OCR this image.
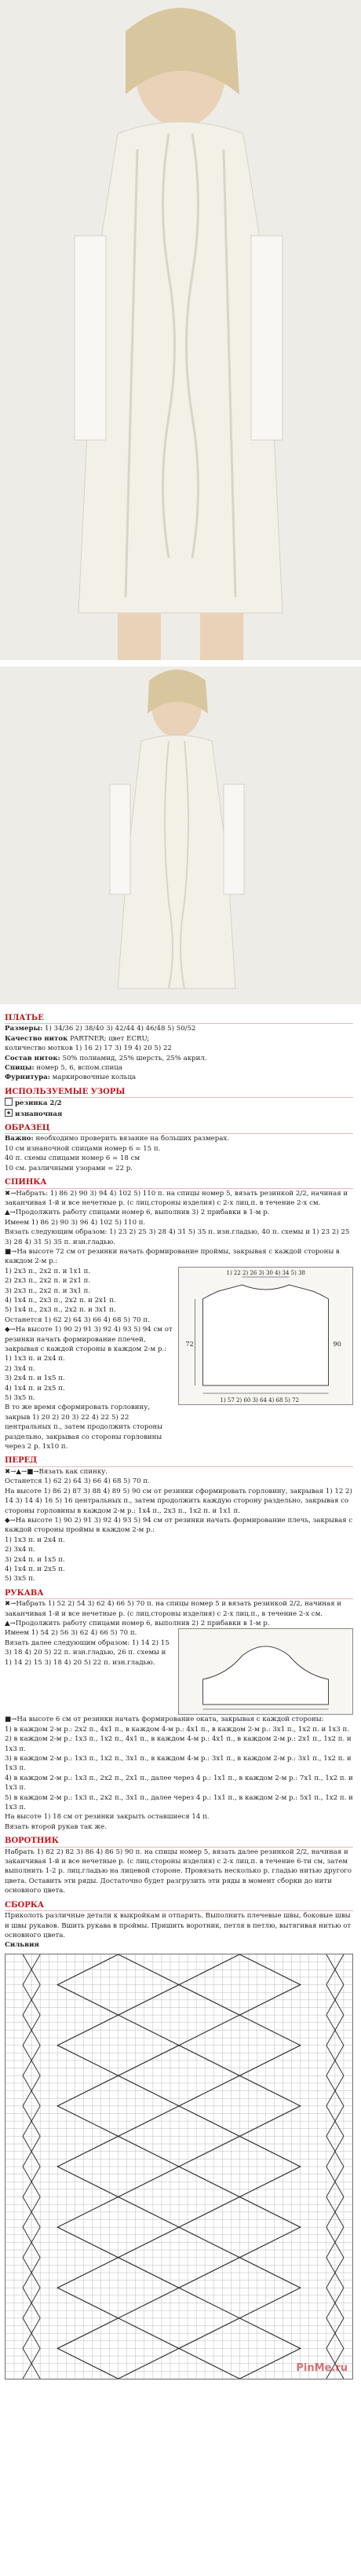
ПЛАТЬЕ

Размеры: 1) 34/36 2) 38/40 3) 42/44 4) 46/48 5) 50/52

Качество ниток PARTNER; цвет ECRU;

количество мотков 1) 16 2) 17 3) 19 4) 20 5) 22

Состав ниток: 50% полиамид, 25% шерсть, 25% акрил.

Спицы: номер 5, 6, вспом.спица

Фурнитура: маркировочные кольца

ИСПОЛЬЗУЕМЫЕ УЗОРЫ

резинка 2/2

изнаночная

ОБРАЗЕЦ

Важно: необходимо проверить вязание на больших размерах.

10 см изнаночной спицами номер 6 = 15 п.

40 п. схемы спицами номер 6 = 18 см

10 см. различными узорами = 22 р.

СПИНКА

✖→Набрать: 1) 86 2) 90 3) 94 4) 102 5) 110 п. на спицы номер 5, вязать резинкой 2/2, начиная и заканчивая 1-й и все нечетные р. (с лиц.стороны изделия) с 2-х лиц.п. в течение 2-х см.

▲→Продолжить работу спицами номер 6, выполнив 3) 2 прибавки в 1-м р.

Имеем 1) 86 2) 90 3) 96 4) 102 5) 110 п.

Вязать следующим образом: 1) 23 2) 25 3) 28 4) 31 5) 35 п. изн.гладью, 40 п. схемы и 1) 23 2) 25 3) 28 4) 31 5) 35 п. изн.гладью.

■→На высоте 72 см от резинки начать формирование проймы, закрывая с каждой стороны в каждом 2-м р.:

1) 2х3 п., 2х2 п. и 1х1 п.

2) 2х3 п., 2х2 п. и 2х1 п.

3) 2х3 п., 2х2 п. и 3х1 п.

4) 1х4 п., 2х3 п., 2х2 п. и 2х1 п.

5) 1х4 п., 2х3 п., 2х2 п. и 3х1 п.

Останется 1) 62 2) 64 3) 66 4) 68 5) 70 п.

◆→На высоте 1) 90 2) 91 3) 92 4) 93 5) 94 см от резинки начать формирование плечей, закрывая с каждой стороны в каждом 2-м р.:

1) 1х3 п. и 2х4 п.

2) 3х4 п.

3) 2х4 п. и 1х5 п.

4) 1х4 п. и 2х5 п.

5) 3х5 п.

В то же время сформировать горловину, закрыв 1) 20 2) 20 3) 22 4) 22 5) 22 центральных п., затем продолжить стороны раздельно, закрывая со стороны горловины через 2 р. 1х10 п.

1) 22 2) 26 3) 30 4) 34 5) 38
72	90
1) 57 2) 60 3) 64 4) 68 5) 72

ПЕРЕД

✖→▲→■→Вязать как спинку.

Останется 1) 62 2) 64 3) 66 4) 68 5) 70 п.

На высоте 1) 86 2) 87 3) 88 4) 89 5) 90 см от резинки сформировать горловину, закрывая 1) 12 2) 14 3) 14 4) 16 5) 16 центральных п., затем продолжить каждую сторону раздельно, закрывая со стороны горловины в каждом 2-м р.: 1х4 п., 2х3 п., 1х2 п. и 1х1 п.

◆→На высоте 1) 90 2) 91 3) 92 4) 93 5) 94 см от резинки начать формирование плечь, закрывая с каждой стороны проймы в каждом 2-м р.:

1) 1х3 п. и 2х4 п.

2) 3х4 п.

3) 2х4 п. и 1х5 п.

4) 1х4 п. и 2х5 п.

5) 3х5 п.

РУКАВА

✖→Набрать 1) 52 2) 54 3) 62 4) 66 5) 70 п. на спицы номер 5 и вязать резинкой 2/2, начиная и заканчивая 1-й и все нечетные р. (с лиц.стороны изделия) с 2-х лиц.п., в течение 2-х см.

▲→Продолжить работу спицами номер 6, выполнив 2) 2 прибавки в 1-м р.

Имеем 1) 54 2) 56 3) 62 4) 66 5) 70 п.

Вязать далее следующим образом: 1) 14 2) 15 3) 18 4) 20 5) 22 п. изн.гладью, 26 п. схемы и 1) 14 2) 15 3) 18 4) 20 5) 22 п. изн.гладью.

■→На высоте 6 см от резинки начать формирование оката, закрывая с каждой стороны:

1) в каждом 2-м р.: 2х2 п., 4х1 п., в каждом 4-м р.: 4х1 п., в каждом 2-м р.: 3х1 п., 1х2 п. и 1х3 п.

2) в каждом 2-м р.: 1х3 п., 1х2 п., 4х1 п., в каждом 4-м р.: 4х1 п., в каждом 2-м р.: 2х1 п., 1х2 п. и 1х3 п.

3) в каждом 2-м р.: 1х3 п., 1х2 п., 3х1 п., в каждом 4-м р.: 3х1 п., в каждом 2-м р.: 3х1 п., 1х2 п. и 1х3 п.

4) в каждом 2-м р.: 1х3 п., 2х2 п., 2х1 п., далее через 4 р.: 1х1 п., в каждом 2-м р.: 7х1 п., 1х2 п. и 1х3 п.

5) в каждом 2-м р.: 1х3 п., 2х2 п., 3х1 п., далее через 4 р.: 1х1 п., в каждом 2-м р.: 5х1 п., 1х2 п. и 1х3 п.

На высоте 1) 18 см от резинки закрыть оставшиеся 14 п.

Вязать второй рукав так же.

ВОРОТНИК

Набрать 1) 82 2) 82 3) 86 4) 86 5) 90 п. на спицы номер 5, вязать далее резинкой 2/2, начиная и заканчивая 1-й и все нечетные р. (с лиц.стороны изделия) с 2-х лиц.п. в течение 6-ти см, затем выполнить 1-2 р. лиц.гладью на лицевой стороне. Провязать несколько р. гладью нитью другого цвета. Оставить эти ряды. Достаточно будет разгрузить эти ряды в момент сборки до нити основного цвета.

СБОРКА

Приколоть различные детали к выкройкам и отпарить. Выполнить плечевые швы, боковые швы и швы рукавов. Вшить рукава в проймы. Пришить воротник, петля в петлю, вытягивая нитью от основного цвета.

Сильвия

PinMe.ru
